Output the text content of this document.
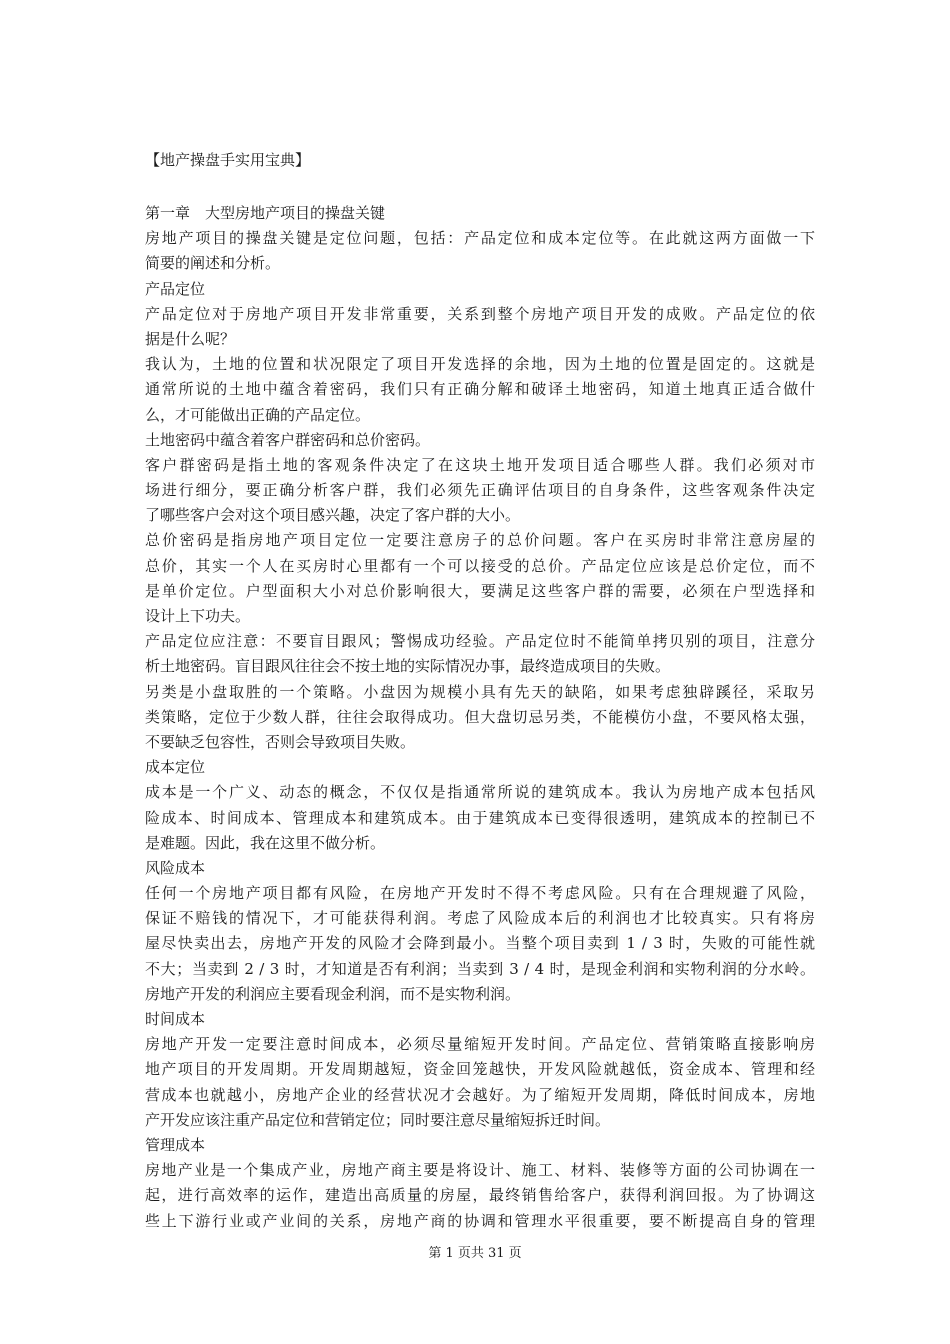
【地产操盘手实用宝典】
第一章　大型房地产项目的操盘关键
房地产项目的操盘关键是定位问题，包括：产品定位和成本定位等。在此就这两方面做一下
简要的阐述和分析。
产品定位
产品定位对于房地产项目开发非常重要，关系到整个房地产项目开发的成败。产品定位的依
据是什么呢？
我认为，土地的位置和状况限定了项目开发选择的余地，因为土地的位置是固定的。这就是
通常所说的土地中蕴含着密码，我们只有正确分解和破译土地密码，知道土地真正适合做什
么，才可能做出正确的产品定位。
土地密码中蕴含着客户群密码和总价密码。
客户群密码是指土地的客观条件决定了在这块土地开发项目适合哪些人群。我们必须对市
场进行细分，要正确分析客户群，我们必须先正确评估项目的自身条件，这些客观条件决定
了哪些客户会对这个项目感兴趣，决定了客户群的大小。
总价密码是指房地产项目定位一定要注意房子的总价问题。客户在买房时非常注意房屋的
总价，其实一个人在买房时心里都有一个可以接受的总价。产品定位应该是总价定位，而不
是单价定位。户型面积大小对总价影响很大，要满足这些客户群的需要，必须在户型选择和
设计上下功夫。
产品定位应注意：不要盲目跟风；警惕成功经验。产品定位时不能简单拷贝别的项目，注意分
析土地密码。盲目跟风往往会不按土地的实际情况办事，最终造成项目的失败。
另类是小盘取胜的一个策略。小盘因为规模小具有先天的缺陷，如果考虑独辟蹊径，采取另
类策略，定位于少数人群，往往会取得成功。但大盘切忌另类，不能模仿小盘，不要风格太强，
不要缺乏包容性，否则会导致项目失败。
成本定位
成本是一个广义、动态的概念，不仅仅是指通常所说的建筑成本。我认为房地产成本包括风
险成本、时间成本、管理成本和建筑成本。由于建筑成本已变得很透明，建筑成本的控制已不
是难题。因此，我在这里不做分析。
风险成本
任何一个房地产项目都有风险，在房地产开发时不得不考虑风险。只有在合理规避了风险，
保证不赔钱的情况下，才可能获得利润。考虑了风险成本后的利润也才比较真实。只有将房
屋尽快卖出去，房地产开发的风险才会降到最小。当整个项目卖到 1 / 3 时，失败的可能性就
不大；当卖到 2 / 3 时，才知道是否有利润；当卖到 3 / 4 时，是现金利润和实物利润的分水岭。
房地产开发的利润应主要看现金利润，而不是实物利润。
时间成本
房地产开发一定要注意时间成本，必须尽量缩短开发时间。产品定位、营销策略直接影响房
地产项目的开发周期。开发周期越短，资金回笼越快，开发风险就越低，资金成本、管理和经
营成本也就越小，房地产企业的经营状况才会越好。为了缩短开发周期，降低时间成本，房地
产开发应该注重产品定位和营销定位；同时要注意尽量缩短拆迁时间。
管理成本
房地产业是一个集成产业，房地产商主要是将设计、施工、材料、装修等方面的公司协调在一
起，进行高效率的运作，建造出高质量的房屋，最终销售给客户，获得利润回报。为了协调这
些上下游行业或产业间的关系，房地产商的协调和管理水平很重要，要不断提高自身的管理
第 1 页共 31 页
